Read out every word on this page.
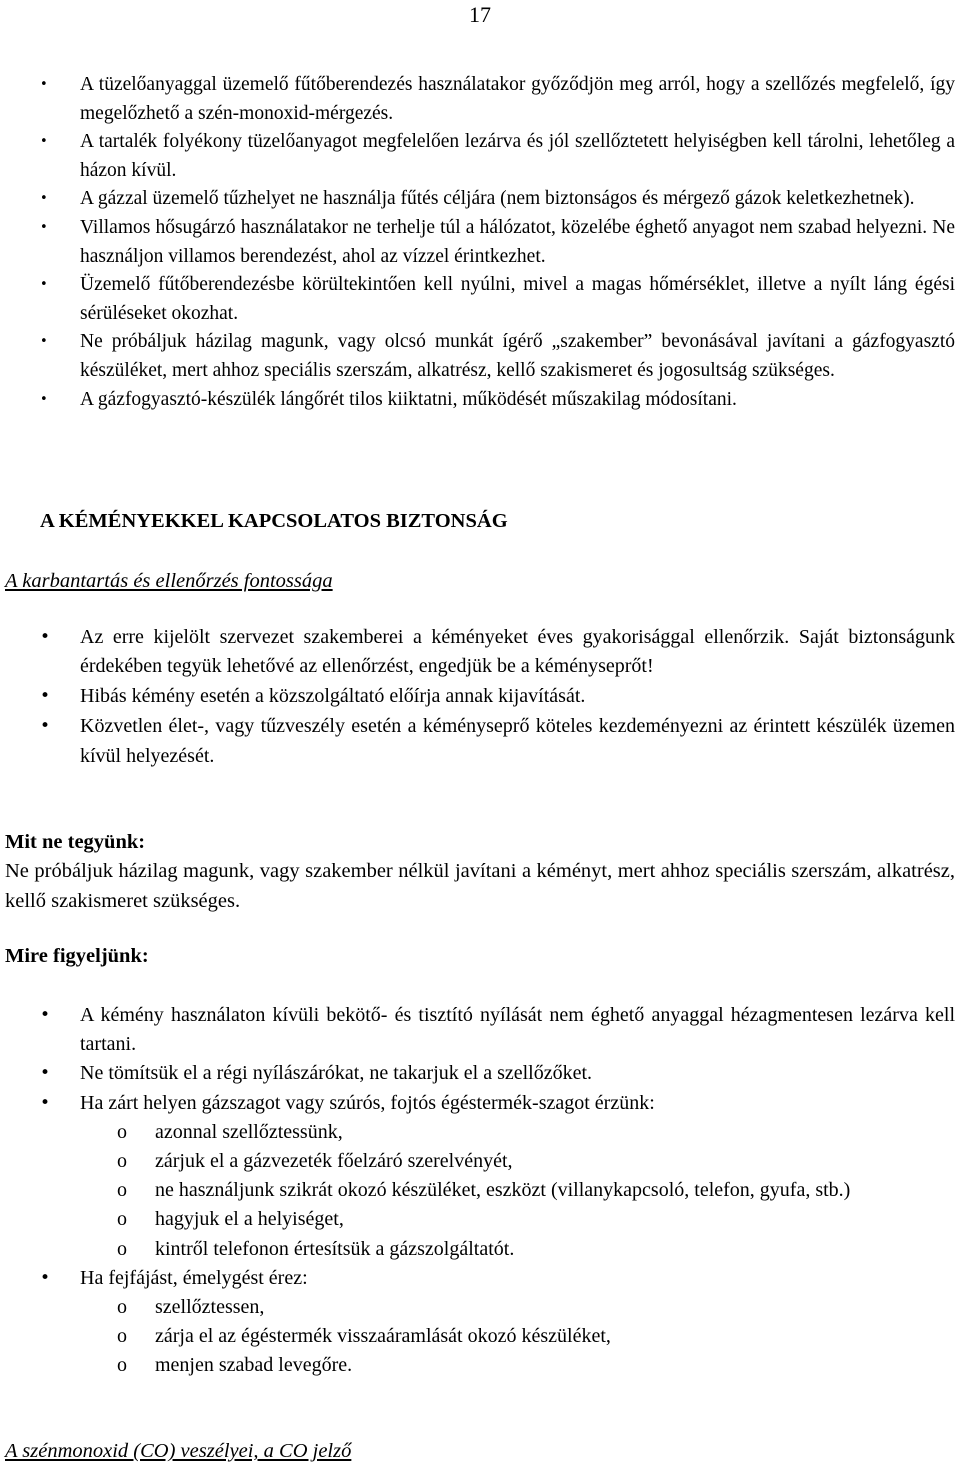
17
• A tüzelőanyaggal üzemelő fűtőberendezés használatakor győződjön meg arról, hogy a szellőzés megfelelő, így megelőzhető a szén-monoxid-mérgezés.
• A tartalék folyékony tüzelőanyagot megfelelően lezárva és jól szellőztetett helyiségben kell tárolni, lehetőleg a házon kívül.
• A gázzal üzemelő tűzhelyet ne használja fűtés céljára (nem biztonságos és mérgező gázok keletkezhetnek).
• Villamos hősugárzó használatakor ne terhelje túl a hálózatot, közelébe éghető anyagot nem szabad helyezni. Ne használjon villamos berendezést, ahol az vízzel érintkezhet.
• Üzemelő fűtőberendezésbe körültekintően kell nyúlni, mivel a magas hőmérséklet, illetve a nyílt láng égési sérüléseket okozhat.
• Ne próbáljuk házilag magunk, vagy olcsó munkát ígérő „szakember” bevonásával javítani a gázfogyasztó készüléket, mert ahhoz speciális szerszám, alkatrész, kellő szakismeret és jogosultság szükséges.
• A gázfogyasztó-készülék lángőrét tilos kiiktatni, működését műszakilag módosítani.
A KÉMÉNYEKKEL KAPCSOLATOS BIZTONSÁG
A karbantartás és ellenőrzés fontossága
• Az erre kijelölt szervezet szakemberei a kéményeket éves gyakorisággal ellenőrzik. Saját biztonságunk érdekében tegyük lehetővé az ellenőrzést, engedjük be a kéményseprőt!
• Hibás kémény esetén a közszolgáltató előírja annak kijavítását.
• Közvetlen élet-, vagy tűzveszély esetén a kéményseprő köteles kezdeményezni az érintett készülék üzemen kívül helyezését.
Mit ne tegyünk:
Ne próbáljuk házilag magunk, vagy szakember nélkül javítani a kéményt, mert ahhoz speciális szerszám, alkatrész, kellő szakismeret szükséges.
Mire figyeljünk:
• A kémény használaton kívüli bekötő- és tisztító nyílását nem éghető anyaggal hézagmentesen lezárva kell tartani.
• Ne tömítsük el a régi nyílászárókat, ne takarjuk el a szellőzőket.
• Ha zárt helyen gázszagot vagy szúrós, fojtós égéstermék-szagot érzünk:
o azonnal szellőztessünk,
o zárjuk el a gázvezeték főelzáró szerelvényét,
o ne használjunk szikrát okozó készüléket, eszközt (villanykapcsoló, telefon, gyufa, stb.)
o hagyjuk el a helyiséget,
o kintről telefonon értesítsük a gázszolgáltatót.
• Ha fejfájást, émelygést érez:
o szellőztessen,
o zárja el az égéstermék visszaáramlását okozó készüléket,
o menjen szabad levegőre.
A szénmonoxid (CO) veszélyei, a CO jelző
